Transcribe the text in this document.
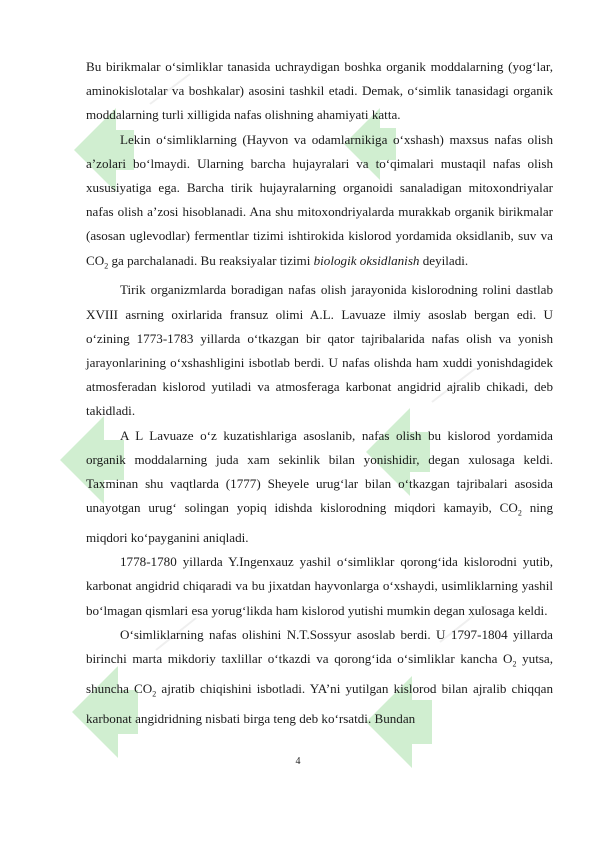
Bu birikmalar o‘simliklar tanasida uchraydigan boshka organik moddalarning (yog‘lar, aminokislotalar va boshkalar) asosini tashkil etadi. Demak, o‘simlik tanasidagi organik moddalarning turli xilligida nafas olishning ahamiyati katta.

Lekin o‘simliklarning (Hayvon va odamlarnikiga o‘xshash) maxsus nafas olish a’zolari bo‘lmaydi. Ularning barcha hujayralari va to‘qimalari mustaqil nafas olish xususiyatiga ega. Barcha tirik hujayralarning organoidi sanaladigan mitoxondriyalar nafas olish a’zosi hisoblanadi. Ana shu mitoxondriyalarda murakkab organik birikmalar (asosan uglevodlar) fermentlar tizimi ishtirokida kislorod yordamida oksidlanib, suv va $CO_2$ ga parchalanadi. Bu reaksiyalar tizimi biologik oksidlanish deyiladi.

Tirik organizmlarda boradigan nafas olish jarayonida kislorodning rolini dastlab XVIII asrning oxirlarida fransuz olimi A.L. Lavuaze ilmiy asoslab bergan edi. U o‘zining 1773-1783 yillarda o‘tkazgan bir qator tajribalarida nafas olish va yonish jarayonlarining o‘xshashligini isbotlab berdi. U nafas olishda ham xuddi yonishdagidek atmosferadan kislorod yutiladi va atmosferaga karbonat angidrid ajralib chikadi, deb takidladi.

A L Lavuaze o‘z kuzatishlariga asoslanib, nafas olish bu kislorod yordamida organik moddalarning juda xam sekinlik bilan yonishidir, degan xulosaga keldi. Taxminan shu vaqtlarda (1777) Sheyele urug‘lar bilan o‘tkazgan tajribalari asosida unayotgan urug‘ solingan yopiq idishda kislorodning miqdori kamayib, $CO_2$ ning miqdori ko‘payganini aniqladi.

1778-1780 yillarda Y.Ingenxauz yashil o‘simliklar qorong‘ida kislorodni yutib, karbonat angidrid chiqaradi va bu jixatdan hayvonlarga o‘xshaydi, usimliklarning yashil bo‘lmagan qismlari esa yorug‘likda ham kislorod yutishi mumkin degan xulosaga keldi.

O‘simliklarning nafas olishini N.T.Sossyur asoslab berdi. U 1797-1804 yillarda birinchi marta mikdoriy taxlillar o‘tkazdi va qorong‘ida o‘simliklar kancha $O_2$ yutsa, shuncha $CO_2$ ajratib chiqishini isbotladi. YA’ni yutilgan kislorod bilan ajralib chiqqan karbonat angidridning nisbati birga teng deb ko‘rsatdi. Bundan

4
